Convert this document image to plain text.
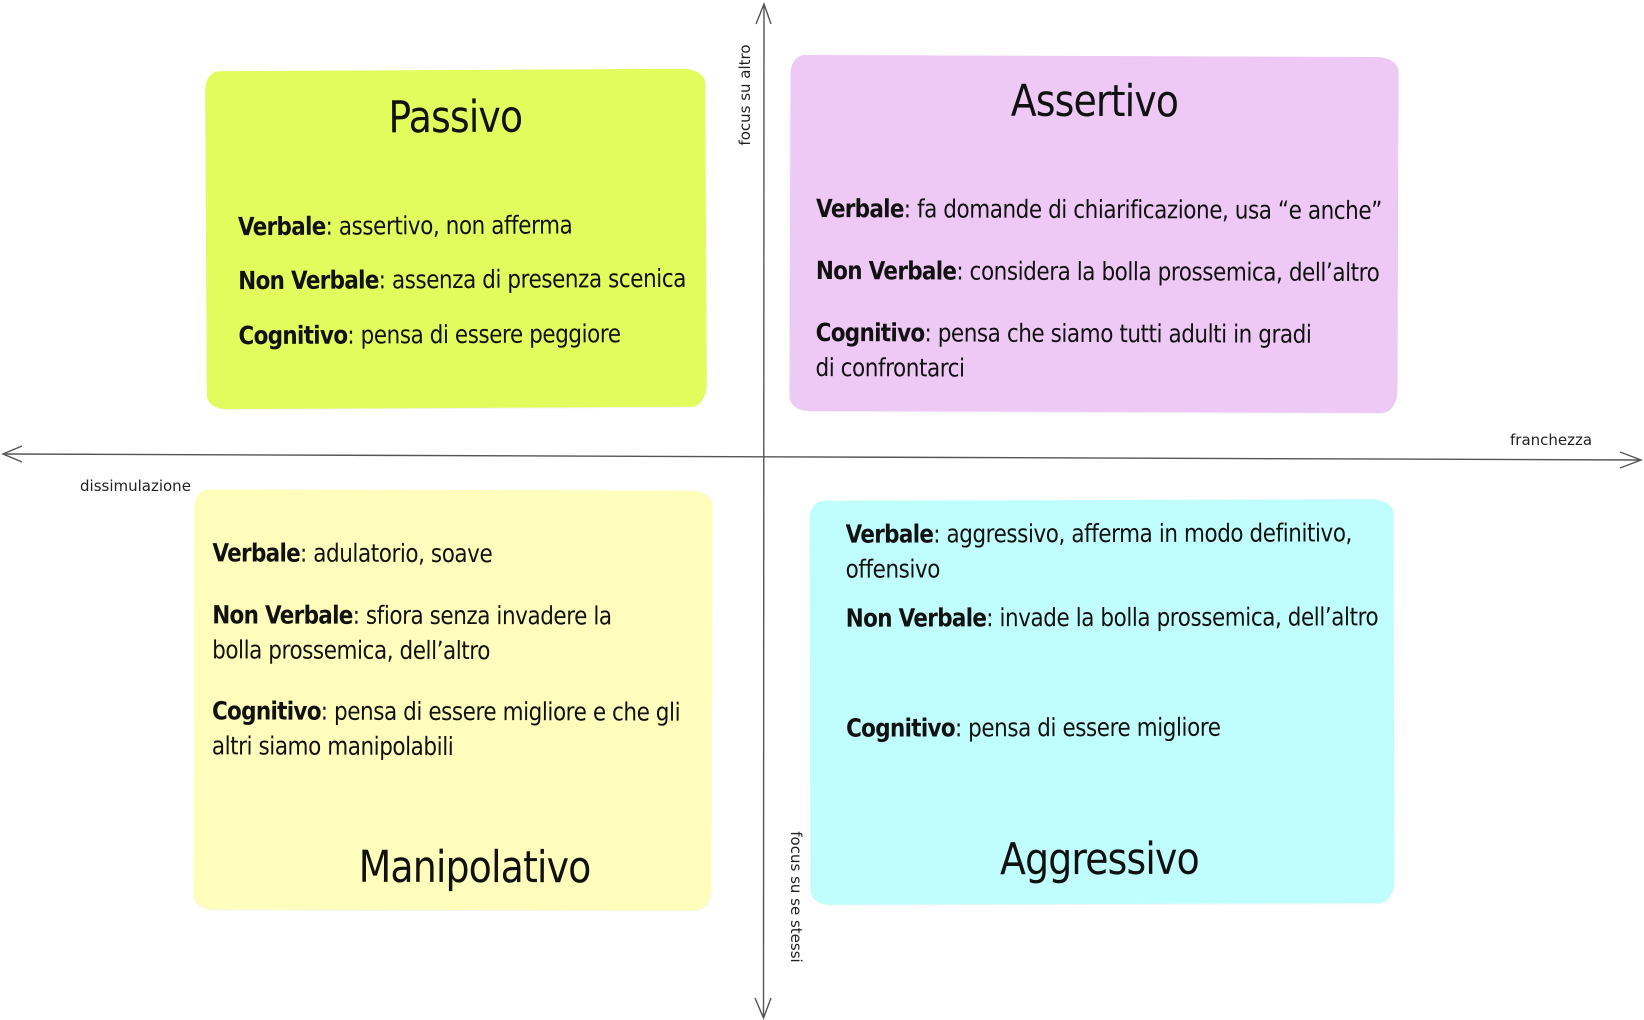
focus su altro
focus su se stessi
dissimulazione
franchezza
Passivo
Verbale: assertivo, non afferma
Non Verbale: assenza di presenza scenica
Cognitivo: pensa di essere peggiore
Assertivo
Verbale: fa domande di chiarificazione, usa “e anche”
Non Verbale: considera la bolla prossemica, dell’altro
Cognitivo: pensa che siamo tutti adulti in gradi di confrontarci
Verbale: adulatorio, soave
Non Verbale: sfiora senza invadere la bolla prossemica, dell’altro
Cognitivo: pensa di essere migliore e che gli altri siamo manipolabili
Manipolativo
Verbale: aggressivo, afferma in modo definitivo, offensivo
Non Verbale: invade la bolla prossemica, dell’altro
Cognitivo: pensa di essere migliore
Aggressivo
